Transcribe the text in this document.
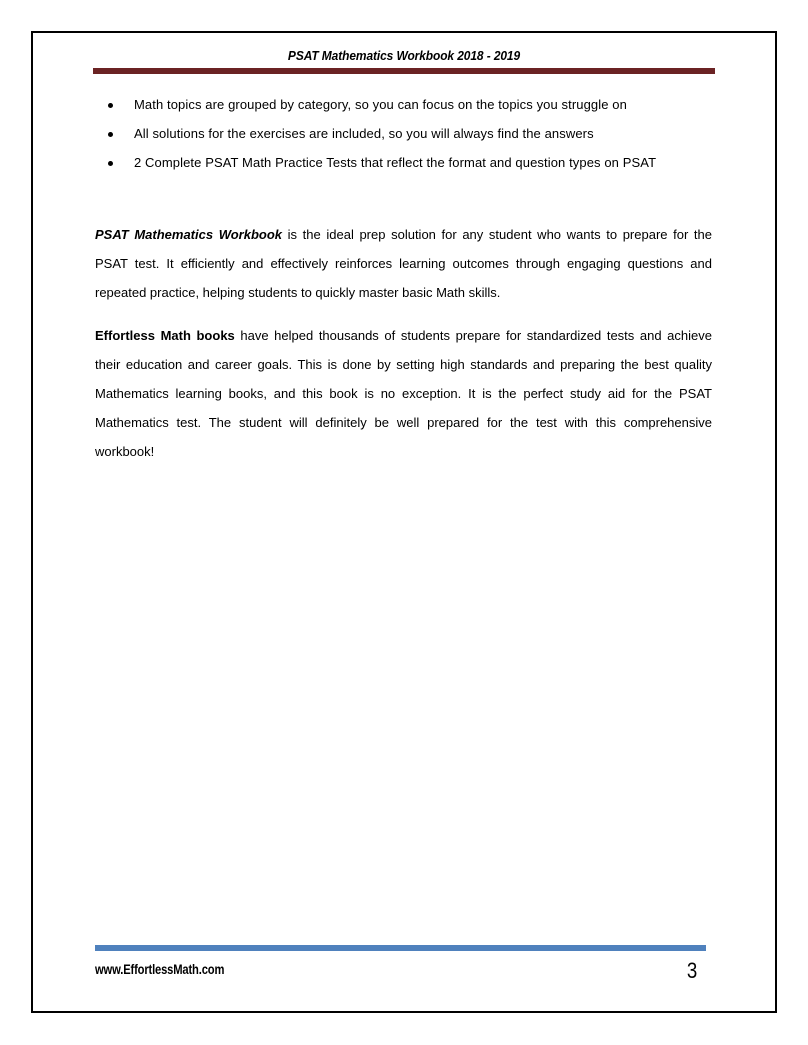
PSAT Mathematics Workbook 2018 - 2019
Math topics are grouped by category, so you can focus on the topics you struggle on
All solutions for the exercises are included, so you will always find the answers
2 Complete PSAT Math Practice Tests that reflect the format and question types on PSAT

PSAT Mathematics Workbook is the ideal prep solution for any student who wants to prepare for the PSAT test. It efficiently and effectively reinforces learning outcomes through engaging questions and repeated practice, helping students to quickly master basic Math skills.

Effortless Math books have helped thousands of students prepare for standardized tests and achieve their education and career goals. This is done by setting high standards and preparing the best quality Mathematics learning books, and this book is no exception. It is the perfect study aid for the PSAT Mathematics test. The student will definitely be well prepared for the test with this comprehensive workbook!

www.EffortlessMath.com	3
